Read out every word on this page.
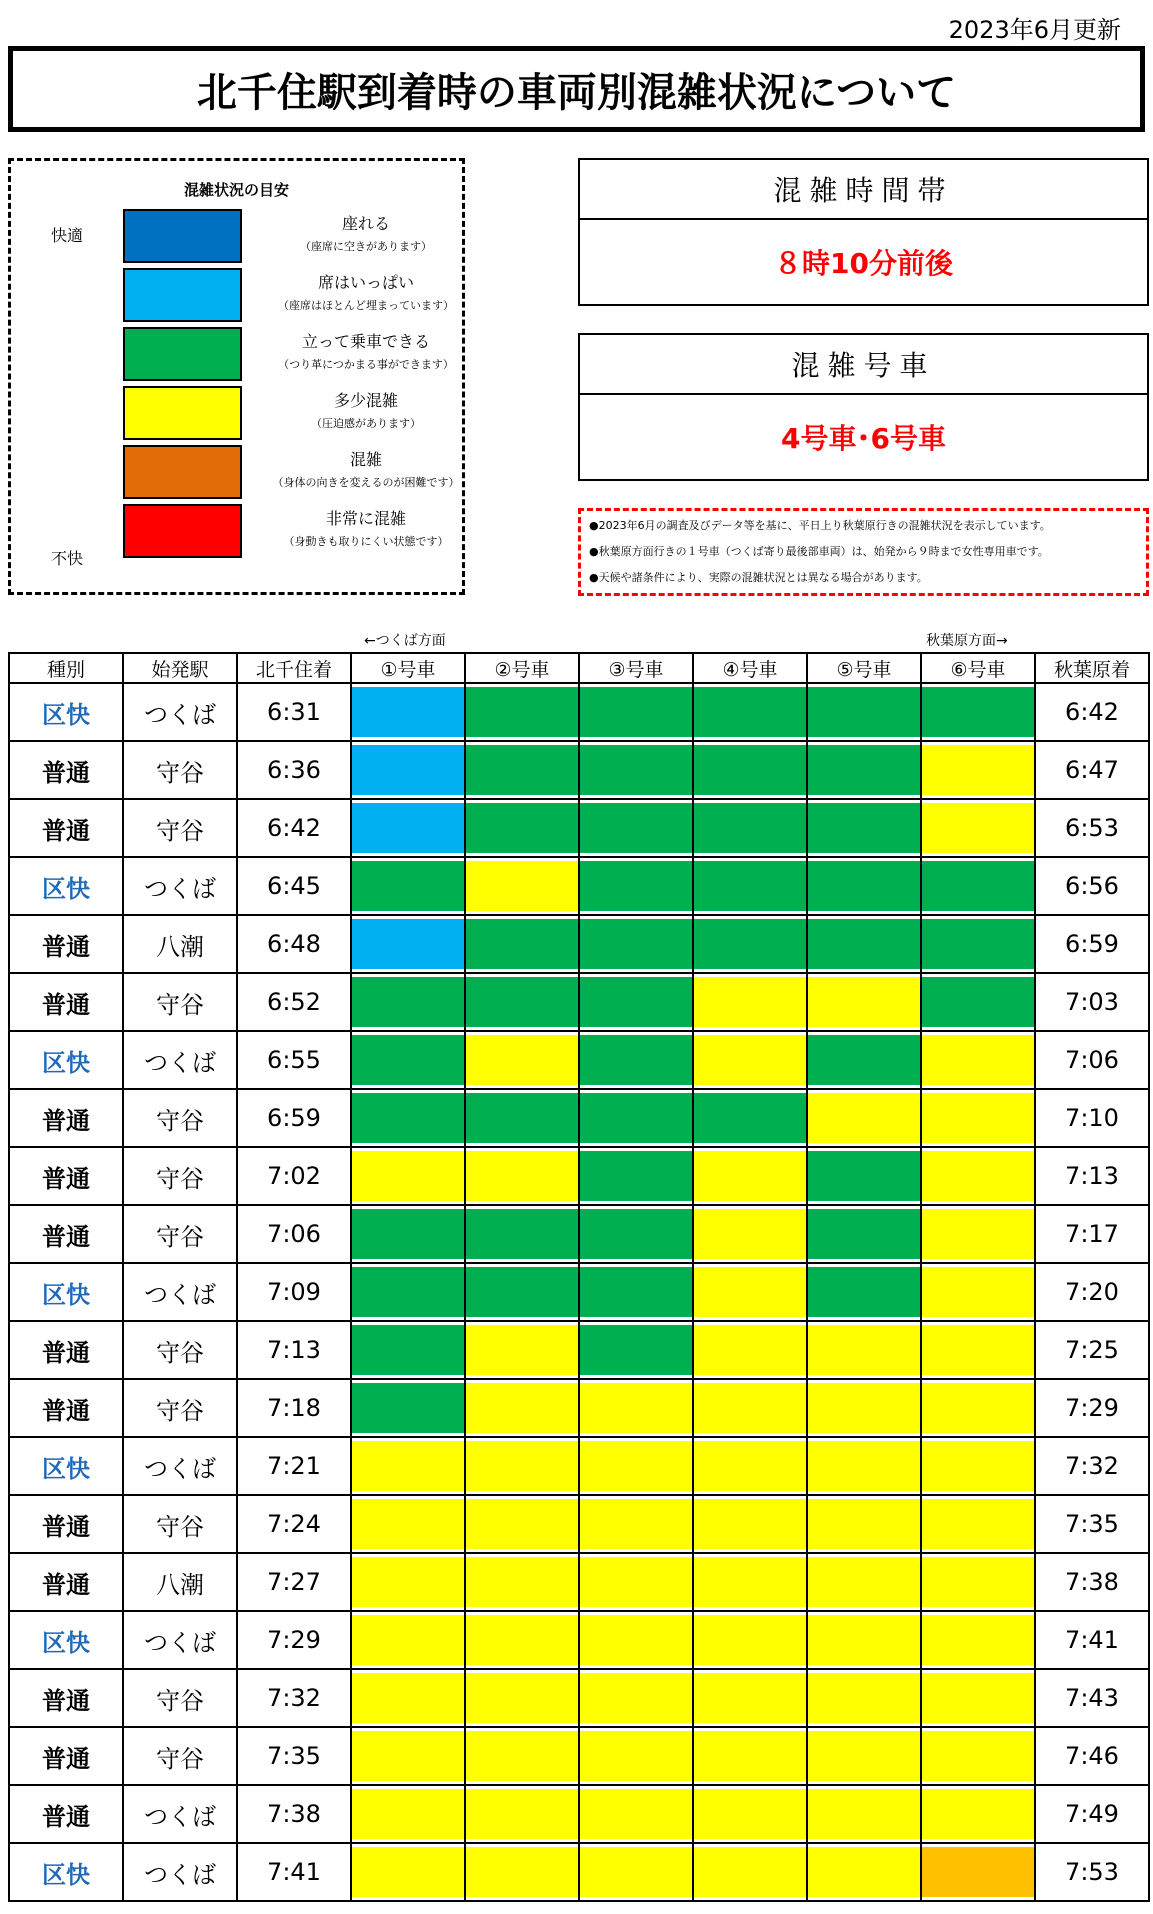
2023年6月更新
北千住駅到着時の車両別混雑状況について
混雑状況の目安
快適
不快
座れる
（座席に空きがあります）
席はいっぱい
（座席はほとんど埋まっています）
立って乗車できる
（つり革につかまる事ができます）
多少混雑
（圧迫感があります）
混雑
（身体の向きを変えるのが困難です）
非常に混雑
（身動きも取りにくい状態です）
混雑時間帯
８時10分前後
混雑号車
4号車･6号車
●2023年6月の調査及びデータ等を基に、平日上り秋葉原行きの混雑状況を表示しています。
●秋葉原方面行きの１号車（つくば寄り最後部車両）は、始発から９時まで女性専用車です。
●天候や諸条件により、実際の混雑状況とは異なる場合があります。
←つくば方面	秋葉原方面→
種別	始発駅	北千住着	①号車	②号車	③号車	④号車	⑤号車	⑥号車	秋葉原着
区快	つくば	6:31							6:42
普通	守谷	6:36							6:47
普通	守谷	6:42							6:53
区快	つくば	6:45							6:56
普通	八潮	6:48							6:59
普通	守谷	6:52							7:03
区快	つくば	6:55							7:06
普通	守谷	6:59							7:10
普通	守谷	7:02							7:13
普通	守谷	7:06							7:17
区快	つくば	7:09							7:20
普通	守谷	7:13							7:25
普通	守谷	7:18							7:29
区快	つくば	7:21							7:32
普通	守谷	7:24							7:35
普通	八潮	7:27							7:38
区快	つくば	7:29							7:41
普通	守谷	7:32							7:43
普通	守谷	7:35							7:46
普通	つくば	7:38							7:49
区快	つくば	7:41							7:53
